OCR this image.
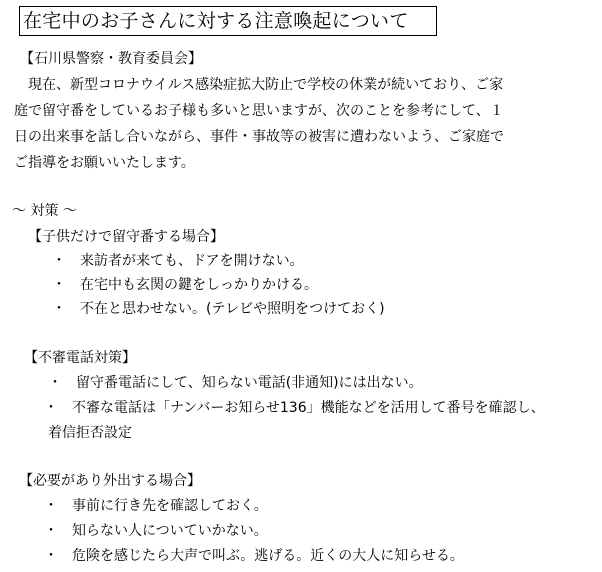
在宅中のお子さんに対する注意喚起について
【石川県警察・教育委員会】
　現在、新型コロナウイルス感染症拡大防止で学校の休業が続いており、ご家
庭で留守番をしているお子様も多いと思いますが、次のことを参考にして、１
日の出来事を話し合いながら、事件・事故等の被害に遭わないよう、ご家庭で
ご指導をお願いいたします。
～ 対策 ～
【子供だけで留守番する場合】
・ 来訪者が来ても、ドアを開けない。
・ 在宅中も玄関の鍵をしっかりかける。
・ 不在と思わせない。(テレビや照明をつけておく)
【不審電話対策】
・ 留守番電話にして、知らない電話(非通知)には出ない。
・ 不審な電話は「ナンバーお知らせ136」機能などを活用して番号を確認し、
着信拒否設定
【必要があり外出する場合】
・ 事前に行き先を確認しておく。
・ 知らない人についていかない。
・ 危険を感じたら大声で叫ぶ。逃げる。近くの大人に知らせる。
